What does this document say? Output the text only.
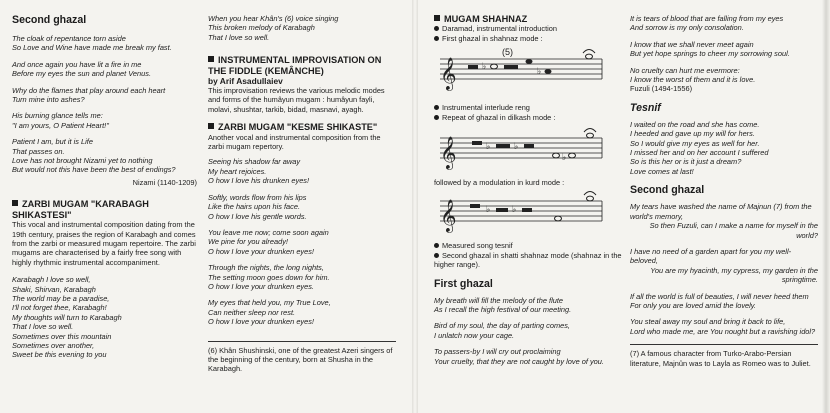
Second ghazal

The cloak of repentance torn aside
So Love and Wine have made me break my fast.

And once again you have lit a fire in me
Before my eyes the sun and planet Venus.

Why do the flames that play around each heart
Turn mine into ashes?

His burning glance tells me:
"I am yours, O Patient Heart!"

Patient I am, but it is Life
That passes on.
Love has not brought Nizami yet to nothing
But would not this have been the best of endings?

Nizami (1140-1209)

ZARBI MUGAM "KARABAGH SHIKASTESI"

This vocal and instrumental composition dating from the 19th century, praises the region of Karabagh and comes from the zarbi or measured mugam repertoire. The zarbi mugams are characterised by a fairly free song with highly rhythmic instrumental accompaniment.

Karabagh I love so well,
Shaki, Shirvan, Karabagh
The world may be a paradise,
I'll not forget thee, Karabagh!
My thoughts will turn to Karabagh
That I love so well.
Sometimes over this mountain
Sometimes over another,
Sweet be this evening to you

When you hear Khân's (6) voice singing
This broken melody of Karabagh
That I love so well.

INSTRUMENTAL IMPROVISATION ON THE FIDDLE (KEMÂNCHE)

by Arif Asadullaiev

This improvisation reviews the various melodic modes and forms of the humâyun mugam : humâyun fayli, molavi, shushtar, tarkib, bidad, masnavi, ayagh.

ZARBI MUGAM "KESME SHIKASTE"

Another vocal and instrumental composition from the zarbi mugam repertory.

Seeing his shadow far away
My heart rejoices.
O how I love his drunken eyes!

Softly, words flow from his lips
Like the hairs upon his face.
O how I love his gentle words.

You leave me now; come soon again
We pine for you already!
O how I love your drunken eyes!

Through the nights, the long nights,
The setting moon goes down for him.
O how I love your drunken eyes.

My eyes that held you, my True Love,
Can neither sleep nor rest.
O how I love your drunken eyes!

(6) Khân Shushinski, one of the greatest Azeri singers of the beginning of the century, born at Shusha in the Karabagh.

MUGAM SHAHNAZ

Daramad, instrumental introduction

First ghazal in shahnaz mode :

𝄞
(5)
♭	♭

Instrumental interlude reng

Repeat of ghazal in dilkash mode :

𝄞	♭	♭
♭

followed by a modulation in kurd mode :

𝄞	♭ ♭

Measured song tesnif

Second ghazal in shatti shahnaz mode (shahnaz in the higher range).

First ghazal

My breath will fill the melody of the flute
As I recall the high festival of our meeting.

Bird of my soul, the day of parting comes,
I unlatch now your cage.

To passers-by I will cry out proclaiming
Your cruelty, that they are not caught by love of you.

It is tears of blood that are falling from my eyes
And sorrow is my only consolation.

I know that we shall never meet again
But yet hope springs to cheer my sorrowing soul.

No cruelty can hurt me evermore:
I know the worst of them and it is love.

Fuzuli (1494-1556)

Tesnif

I waited on the road and she has come.
I heeded and gave up my will for hers.
So I would give my eyes as well for her.
I missed her and on her account I suffered
So is this her or is it just a dream?
Love comes at last!

Second ghazal

My tears have washed the name of Majnun (7) from the world's memory,

So then Fuzuli, can I make a name for myself in the world?

I have no need of a garden apart for you my well-beloved,

You are my hyacinth, my cypress, my garden in the springtime.

If all the world is full of beauties, I will never heed them

For only you are loved amid the lovely.

You steal away my soul and bring it back to life,
Lord who made me, are You nought but a ravishing idol?

(7) A famous character from Turko-Arabo-Persian literature, Majnûn was to Layla as Romeo was to Juliet.
